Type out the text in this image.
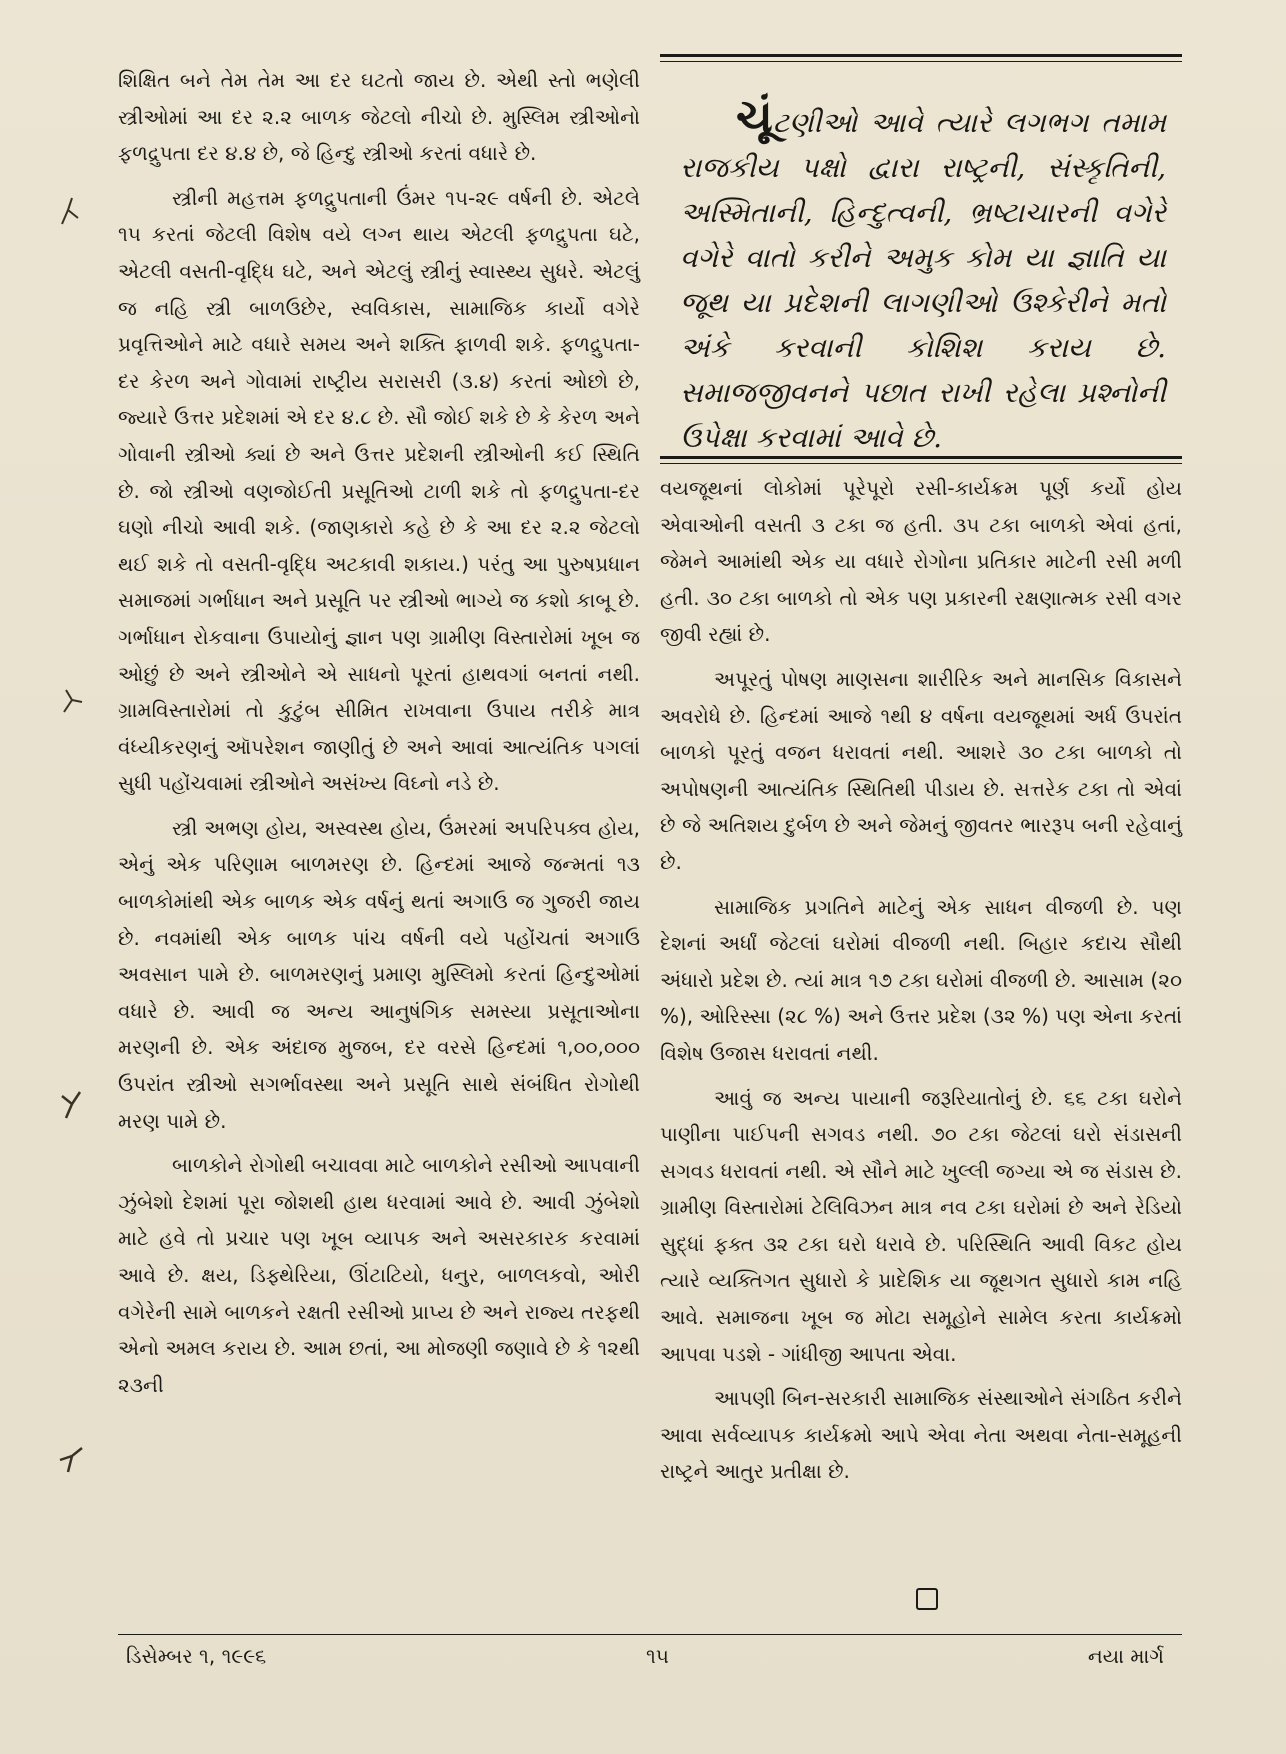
શિક્ષિત બને તેમ તેમ આ દર ઘટતો જાય છે. એથી સ્તો ભણેલી સ્ત્રીઓમાં આ દર ૨.૨ બાળક જેટલો નીચો છે. મુસ્લિમ સ્ત્રીઓનો ફળદ્રુપતા દર ૪.૪ છે, જે હિન્દુ સ્ત્રીઓ કરતાં વધારે છે.

સ્ત્રીની મહત્તમ ફળદ્રુપતાની ઉંમર ૧૫-૨૯ વર્ષની છે. એટલે ૧૫ કરતાં જેટલી વિશેષ વયે લગ્ન થાય એટલી ફળદ્રુપતા ઘટે, એટલી વસતી-વૃદ્ધિ ઘટે, અને એટલું સ્ત્રીનું સ્વાસ્થ્ય સુધરે. એટલું જ નહિ સ્ત્રી બાળઉછેર, સ્વવિકાસ, સામાજિક કાર્યો વગેરે પ્રવૃત્તિઓને માટે વધારે સમય અને શક્તિ ફાળવી શકે. ફળદ્રુપતા-દર કેરળ અને ગોવામાં રાષ્ટ્રીય સરાસરી (૩.૪) કરતાં ઓછો છે, જ્યારે ઉત્તર પ્રદેશમાં એ દર ૪.૮ છે. સૌ જોઈ શકે છે કે કેરળ અને ગોવાની સ્ત્રીઓ ક્યાં છે અને ઉત્તર પ્રદેશની સ્ત્રીઓની કઈ સ્થિતિ છે. જો સ્ત્રીઓ વણજોઈતી પ્રસૂતિઓ ટાળી શકે તો ફળદ્રુપતા-દર ઘણો નીચો આવી શકે. (જાણકારો કહે છે કે આ દર ૨.૨ જેટલો થઈ શકે તો વસતી-વૃદ્ધિ અટકાવી શકાય.) પરંતુ આ પુરુષપ્રધાન સમાજમાં ગર્ભાધાન અને પ્રસૂતિ પર સ્ત્રીઓ ભાગ્યે જ કશો કાબૂ છે. ગર્ભાધાન રોકવાના ઉપાયોનું જ્ઞાન પણ ગ્રામીણ વિસ્તારોમાં ખૂબ જ ઓછું છે અને સ્ત્રીઓને એ સાધનો પૂરતાં હાથવગાં બનતાં નથી. ગ્રામવિસ્તારોમાં તો કુટુંબ સીમિત રાખવાના ઉપાય તરીકે માત્ર વંધ્યીકરણનું ઑપરેશન જાણીતું છે અને આવાં આત્યંતિક પગલાં સુધી પહોંચવામાં સ્ત્રીઓને અસંખ્ય વિઘ્નો નડે છે.

સ્ત્રી અભણ હોય, અસ્વસ્થ હોય, ઉંમરમાં અપરિપક્વ હોય, એનું એક પરિણામ બાળમરણ છે. હિન્દમાં આજે જન્મતાં ૧૩ બાળકોમાંથી એક બાળક એક વર્ષનું થતાં અગાઉ જ ગુજરી જાય છે. નવમાંથી એક બાળક પાંચ વર્ષની વયે પહોંચતાં અગાઉ અવસાન પામે છે. બાળમરણનું પ્રમાણ મુસ્લિમો કરતાં હિન્દુઓમાં વધારે છે. આવી જ અન્ય આનુષંગિક સમસ્યા પ્રસૂતાઓના મરણની છે. એક અંદાજ મુજબ, દર વરસે હિન્દમાં ૧,૦૦,૦૦૦ ઉપરાંત સ્ત્રીઓ સગર્ભાવસ્થા અને પ્રસૂતિ સાથે સંબંધિત રોગોથી મરણ પામે છે.

બાળકોને રોગોથી બચાવવા માટે બાળકોને રસીઓ આપવાની ઝુંબેશો દેશમાં પૂરા જોશથી હાથ ધરવામાં આવે છે. આવી ઝુંબેશો માટે હવે તો પ્રચાર પણ ખૂબ વ્યાપક અને અસરકારક કરવામાં આવે છે. ક્ષય, ડિફ્થેરિયા, ઊંટાટિયો, ધનુર, બાળલકવો, ઓરી વગેરેની સામે બાળકને રક્ષતી રસીઓ પ્રાપ્ય છે અને રાજ્ય તરફથી એનો અમલ કરાય છે. આમ છતાં, આ મોજણી જણાવે છે કે ૧૨થી ૨૩ની

ચૂંટણીઓ આવે ત્યારે લગભગ તમામ રાજકીય પક્ષો દ્વારા રાષ્ટ્રની, સંસ્કૃતિની, અસ્મિતાની, હિન્દુત્વની, ભ્રષ્ટાચારની વગેરે વગેરે વાતો કરીને અમુક કોમ યા જ્ઞાતિ યા જૂથ યા પ્રદેશની લાગણીઓ ઉશ્કેરીને મતો અંકે કરવાની કોશિશ કરાય છે. સમાજજીવનને પછાત રાખી રહેલા પ્રશ્નોની ઉપેક્ષા કરવામાં આવે છે.

વયજૂથનાં લોકોમાં પૂરેપૂરો રસી-કાર્યક્રમ પૂર્ણ કર્યો હોય એવાઓની વસતી ૩ ટકા જ હતી. ૩૫ ટકા બાળકો એવાં હતાં, જેમને આમાંથી એક યા વધારે રોગોના પ્રતિકાર માટેની રસી મળી હતી. ૩૦ ટકા બાળકો તો એક પણ પ્રકારની રક્ષણાત્મક રસી વગર જીવી રહ્યાં છે.

અપૂરતું પોષણ માણસના શારીરિક અને માનસિક વિકાસને અવરોધે છે. હિન્દમાં આજે ૧થી ૪ વર્ષના વયજૂથમાં અર્ધ ઉપરાંત બાળકો પૂરતું વજન ધરાવતાં નથી. આશરે ૩૦ ટકા બાળકો તો અપોષણની આત્યંતિક સ્થિતિથી પીડાય છે. સત્તરેક ટકા તો એવાં છે જે અતિશય દુર્બળ છે અને જેમનું જીવતર ભારરૂપ બની રહેવાનું છે.

સામાજિક પ્રગતિને માટેનું એક સાધન વીજળી છે. પણ દેશનાં અર્ધાં જેટલાં ઘરોમાં વીજળી નથી. બિહાર કદાચ સૌથી અંધારો પ્રદેશ છે. ત્યાં માત્ર ૧૭ ટકા ઘરોમાં વીજળી છે. આસામ (૨૦ %), ઓરિસ્સા (૨૮ %) અને ઉત્તર પ્રદેશ (૩૨ %) પણ એના કરતાં વિશેષ ઉજાસ ધરાવતાં નથી.

આવું જ અન્ય પાયાની જરૂરિયાતોનું છે. ૬૬ ટકા ઘરોને પાણીના પાઈપની સગવડ નથી. ૭૦ ટકા જેટલાં ઘરો સંડાસની સગવડ ધરાવતાં નથી. એ સૌને માટે ખુલ્લી જગ્યા એ જ સંડાસ છે. ગ્રામીણ વિસ્તારોમાં ટેલિવિઝન માત્ર નવ ટકા ઘરોમાં છે અને રેડિયો સુદ્ધાં ફક્ત ૩૨ ટકા ઘરો ધરાવે છે. પરિસ્થિતિ આવી વિકટ હોય ત્યારે વ્યક્તિગત સુધારો કે પ્રાદેશિક યા જૂથગત સુધારો કામ નહિ આવે. સમાજના ખૂબ જ મોટા સમૂહોને સામેલ કરતા કાર્યક્રમો આપવા પડશે - ગાંધીજી આપતા એવા.

આપણી બિન-સરકારી સામાજિક સંસ્થાઓને સંગઠિત કરીને આવા સર્વવ્યાપક કાર્યક્રમો આપે એવા નેતા અથવા નેતા-સમૂહની રાષ્ટ્રને આતુર પ્રતીક્ષા છે.

ડિસેમ્બર ૧, ૧૯૯૬	૧૫	નયા માર્ગ
